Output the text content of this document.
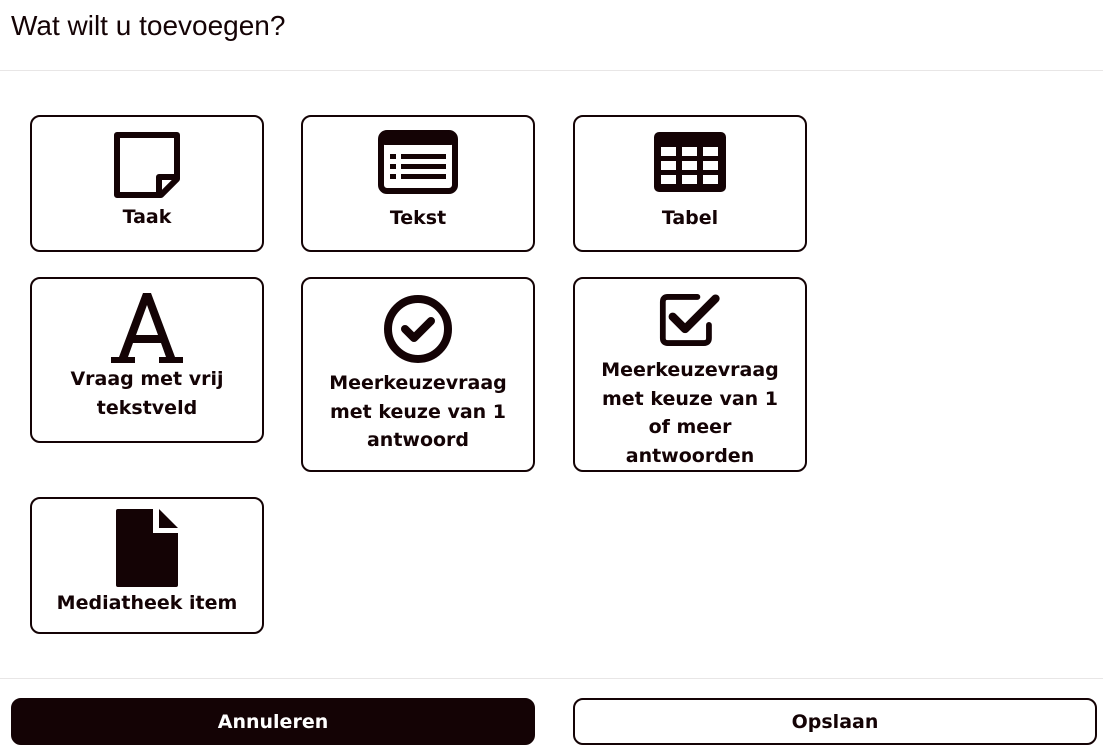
Wat wilt u toevoegen?
Taak	Tekst	Tabel
Vraag met vrij tekstveld
Meerkeuzevraag met keuze van 1 antwoord
Meerkeuzevraag met keuze van 1 of meer antwoorden
Mediatheek item
Annuleren	Opslaan
